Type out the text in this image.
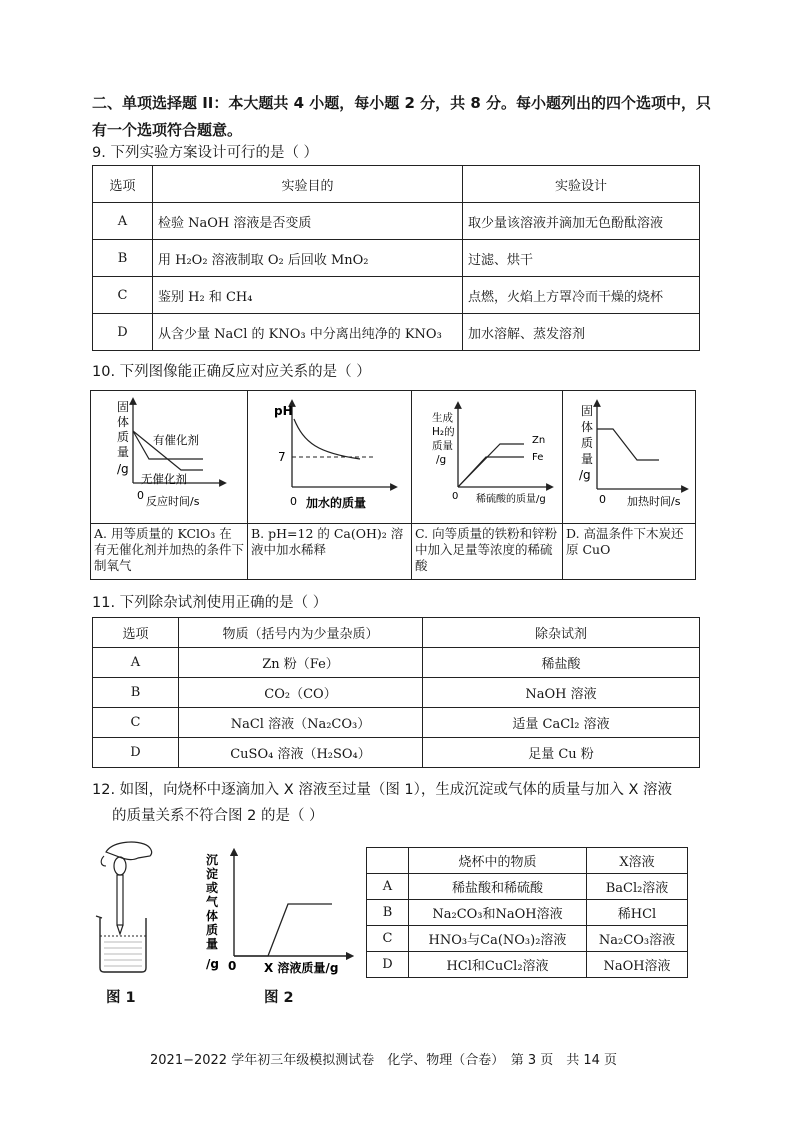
二、单项选择题 II：本大题共 4 小题，每小题 2 分，共 8 分。每小题列出的四个选项中，只
有一个选项符合题意。
9. 下列实验方案设计可行的是（ ）
选项	实验目的	实验设计
A	检验 NaOH 溶液是否变质	取少量该溶液并滴加无色酚酞溶液
B	用 H₂O₂ 溶液制取 O₂ 后回收 MnO₂	过滤、烘干
C	鉴别 H₂ 和 CH₄	点燃，火焰上方罩冷而干燥的烧杯
D	从含少量 NaCl 的 KNO₃ 中分离出纯净的 KNO₃	加水溶解、蒸发溶剂
10. 下列图像能正确反应对应关系的是（ ）
固
体
质
量
/g
0 反应时间/s
有催化剂
无催化剂
pH
7
0 加水的质量
生成
H₂的
质量
/g
Zn
Fe
0 稀硫酸的质量/g
固
体
质
量
/g
0 加热时间/s
A. 用等质量的 KClO₃ 在有无催化剂并加热的条件下制氧气
B. pH=12 的 Ca(OH)₂ 溶液中加水稀释
C. 向等质量的铁粉和锌粉中加入足量等浓度的稀硫酸
D. 高温条件下木炭还原 CuO
11. 下列除杂试剂使用正确的是（ ）
选项	物质（括号内为少量杂质）	除杂试剂
A	Zn 粉（Fe）	稀盐酸
B	CO₂（CO）	NaOH 溶液
C	NaCl 溶液（Na₂CO₃）	适量 CaCl₂ 溶液
D	CuSO₄ 溶液（H₂SO₄）	足量 Cu 粉
12. 如图，向烧杯中逐滴加入 X 溶液至过量（图 1），生成沉淀或气体的质量与加入 X 溶液
的质量关系不符合图 2 的是（ ）
图 1
沉
淀
或
气
体
质
量
/g 0 X 溶液质量/g
图 2
	烧杯中的物质	X溶液
A	稀盐酸和稀硫酸	BaCl₂溶液
B	Na₂CO₃和NaOH溶液	稀HCl
C	HNO₃与Ca(NO₃)₂溶液	Na₂CO₃溶液
D	HCl和CuCl₂溶液	NaOH溶液
2021−2022 学年初三年级模拟测试卷　化学、物理（合卷）　第 3 页　共 14 页
